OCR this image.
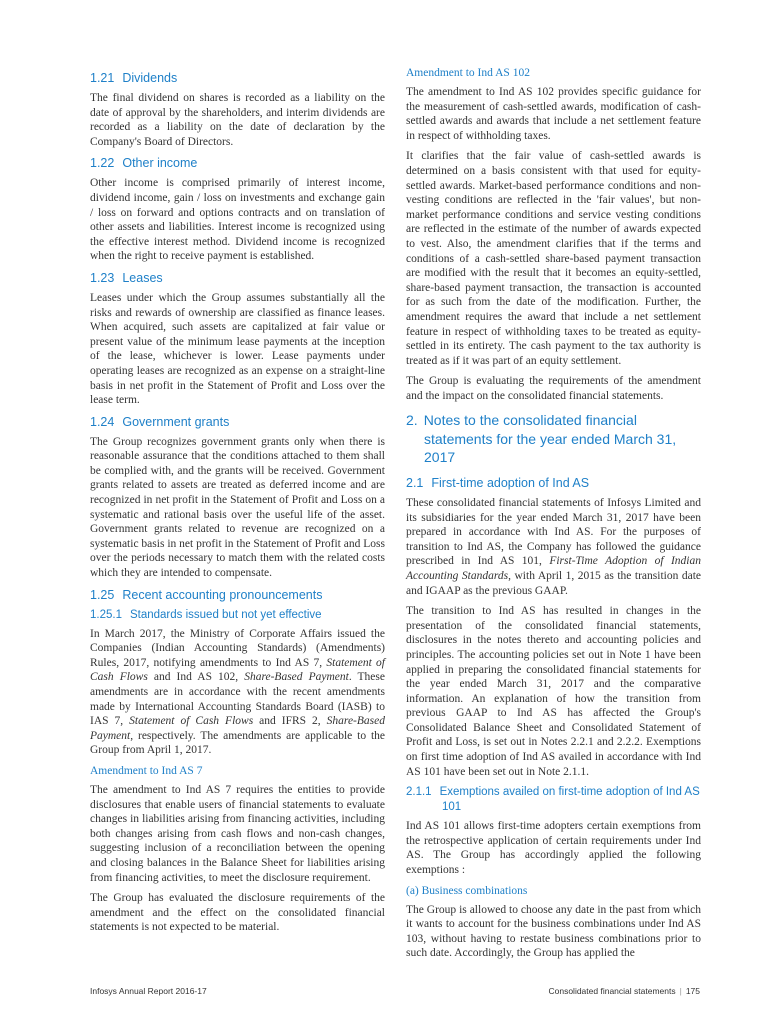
1.21 Dividends

The final dividend on shares is recorded as a liability on the date of approval by the shareholders, and interim dividends are recorded as a liability on the date of declaration by the Company's Board of Directors.

1.22 Other income

Other income is comprised primarily of interest income, dividend income, gain / loss on investments and exchange gain / loss on forward and options contracts and on translation of other assets and liabilities. Interest income is recognized using the effective interest method. Dividend income is recognized when the right to receive payment is established.

1.23 Leases

Leases under which the Group assumes substantially all the risks and rewards of ownership are classified as finance leases. When acquired, such assets are capitalized at fair value or present value of the minimum lease payments at the inception of the lease, whichever is lower. Lease payments under operating leases are recognized as an expense on a straight-line basis in net profit in the Statement of Profit and Loss over the lease term.

1.24 Government grants

The Group recognizes government grants only when there is reasonable assurance that the conditions attached to them shall be complied with, and the grants will be received. Government grants related to assets are treated as deferred income and are recognized in net profit in the Statement of Profit and Loss on a systematic and rational basis over the useful life of the asset. Government grants related to revenue are recognized on a systematic basis in net profit in the Statement of Profit and Loss over the periods necessary to match them with the related costs which they are intended to compensate.

1.25 Recent accounting pronouncements
1.25.1 Standards issued but not yet effective

In March 2017, the Ministry of Corporate Affairs issued the Companies (Indian Accounting Standards) (Amendments) Rules, 2017, notifying amendments to Ind AS 7, Statement of Cash Flows and Ind AS 102, Share-Based Payment. These amendments are in accordance with the recent amendments made by International Accounting Standards Board (IASB) to IAS 7, Statement of Cash Flows and IFRS 2, Share-Based Payment, respectively. The amendments are applicable to the Group from April 1, 2017.

Amendment to Ind AS 7

The amendment to Ind AS 7 requires the entities to provide disclosures that enable users of financial statements to evaluate changes in liabilities arising from financing activities, including both changes arising from cash flows and non-cash changes, suggesting inclusion of a reconciliation between the opening and closing balances in the Balance Sheet for liabilities arising from financing activities, to meet the disclosure requirement.

The Group has evaluated the disclosure requirements of the amendment and the effect on the consolidated financial statements is not expected to be material.

Amendment to Ind AS 102

The amendment to Ind AS 102 provides specific guidance for the measurement of cash-settled awards, modification of cash-settled awards and awards that include a net settlement feature in respect of withholding taxes.

It clarifies that the fair value of cash-settled awards is determined on a basis consistent with that used for equity-settled awards. Market-based performance conditions and non-vesting conditions are reflected in the 'fair values', but non-market performance conditions and service vesting conditions are reflected in the estimate of the number of awards expected to vest. Also, the amendment clarifies that if the terms and conditions of a cash-settled share-based payment transaction are modified with the result that it becomes an equity-settled, share-based payment transaction, the transaction is accounted for as such from the date of the modification. Further, the amendment requires the award that include a net settlement feature in respect of withholding taxes to be treated as equity-settled in its entirety. The cash payment to the tax authority is treated as if it was part of an equity settlement.

The Group is evaluating the requirements of the amendment and the impact on the consolidated financial statements.

2. Notes to the consolidated financial statements for the year ended March 31, 2017
2.1 First-time adoption of Ind AS

These consolidated financial statements of Infosys Limited and its subsidiaries for the year ended March 31, 2017 have been prepared in accordance with Ind AS. For the purposes of transition to Ind AS, the Company has followed the guidance prescribed in Ind AS 101, First-Time Adoption of Indian Accounting Standards, with April 1, 2015 as the transition date and IGAAP as the previous GAAP.

The transition to Ind AS has resulted in changes in the presentation of the consolidated financial statements, disclosures in the notes thereto and accounting policies and principles. The accounting policies set out in Note 1 have been applied in preparing the consolidated financial statements for the year ended March 31, 2017 and the comparative information. An explanation of how the transition from previous GAAP to Ind AS has affected the Group's Consolidated Balance Sheet and Consolidated Statement of Profit and Loss, is set out in Notes 2.2.1 and 2.2.2. Exemptions on first time adoption of Ind AS availed in accordance with Ind AS 101 have been set out in Note 2.1.1.

2.1.1 Exemptions availed on first-time adoption of Ind AS 101

Ind AS 101 allows first-time adopters certain exemptions from the retrospective application of certain requirements under Ind AS. The Group has accordingly applied the following exemptions :

(a) Business combinations

The Group is allowed to choose any date in the past from which it wants to account for the business combinations under Ind AS 103, without having to restate business combinations prior to such date. Accordingly, the Group has applied the

Infosys Annual Report 2016-17	Consolidated financial statements | 175
